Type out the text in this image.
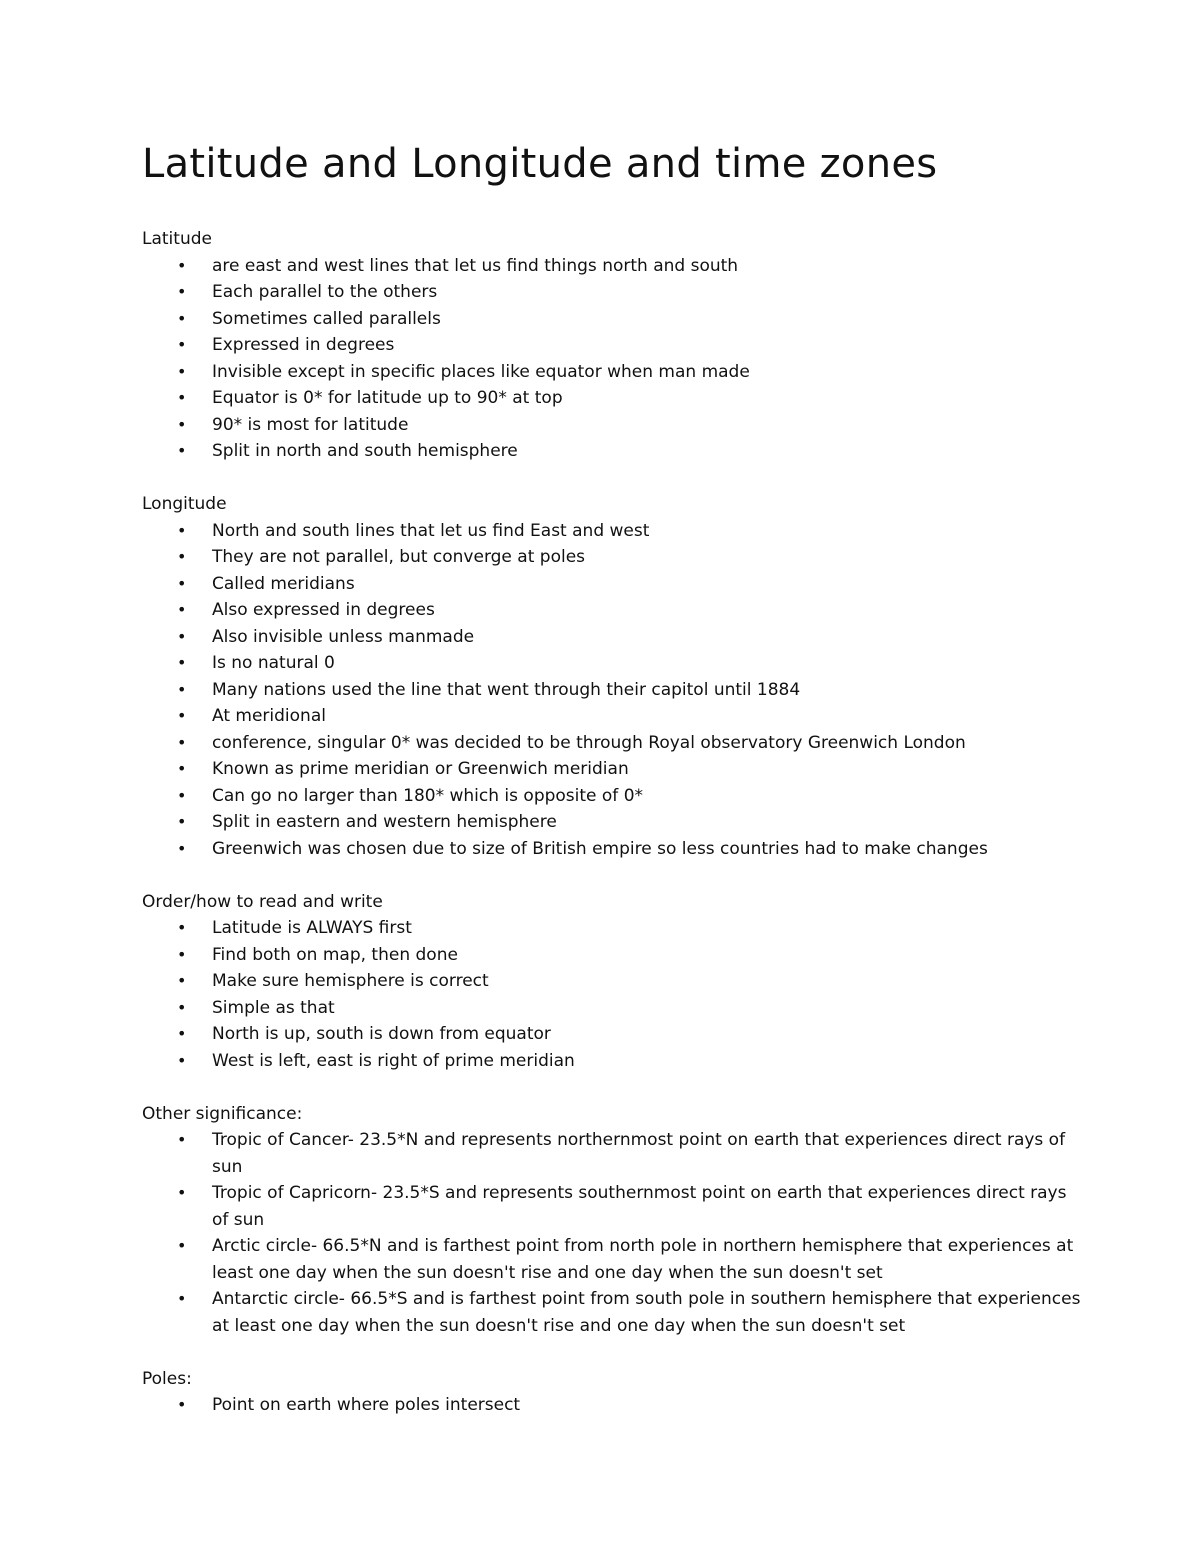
Latitude and Longitude and time zones
Latitude
• are east and west lines that let us find things north and south
• Each parallel to the others
• Sometimes called parallels
• Expressed in degrees
• Invisible except in specific places like equator when man made
• Equator is 0* for latitude up to 90* at top
• 90* is most for latitude
• Split in north and south hemisphere
Longitude
• North and south lines that let us find East and west
• They are not parallel, but converge at poles
• Called meridians
• Also expressed in degrees
• Also invisible unless manmade
• Is no natural 0
• Many nations used the line that went through their capitol until 1884
• At meridional
• conference, singular 0* was decided to be through Royal observatory Greenwich London
• Known as prime meridian or Greenwich meridian
• Can go no larger than 180* which is opposite of 0*
• Split in eastern and western hemisphere
• Greenwich was chosen due to size of British empire so less countries had to make changes
Order/how to read and write
• Latitude is ALWAYS first
• Find both on map, then done
• Make sure hemisphere is correct
• Simple as that
• North is up, south is down from equator
• West is left, east is right of prime meridian
Other significance:
• Tropic of Cancer- 23.5*N and represents northernmost point on earth that experiences direct rays of sun
• Tropic of Capricorn- 23.5*S and represents southernmost point on earth that experiences direct rays of sun
• Arctic circle- 66.5*N and is farthest point from north pole in northern hemisphere that experiences at least one day when the sun doesn't rise and one day when the sun doesn't set
• Antarctic circle- 66.5*S and is farthest point from south pole in southern hemisphere that experiences at least one day when the sun doesn't rise and one day when the sun doesn't set
Poles:
• Point on earth where poles intersect
